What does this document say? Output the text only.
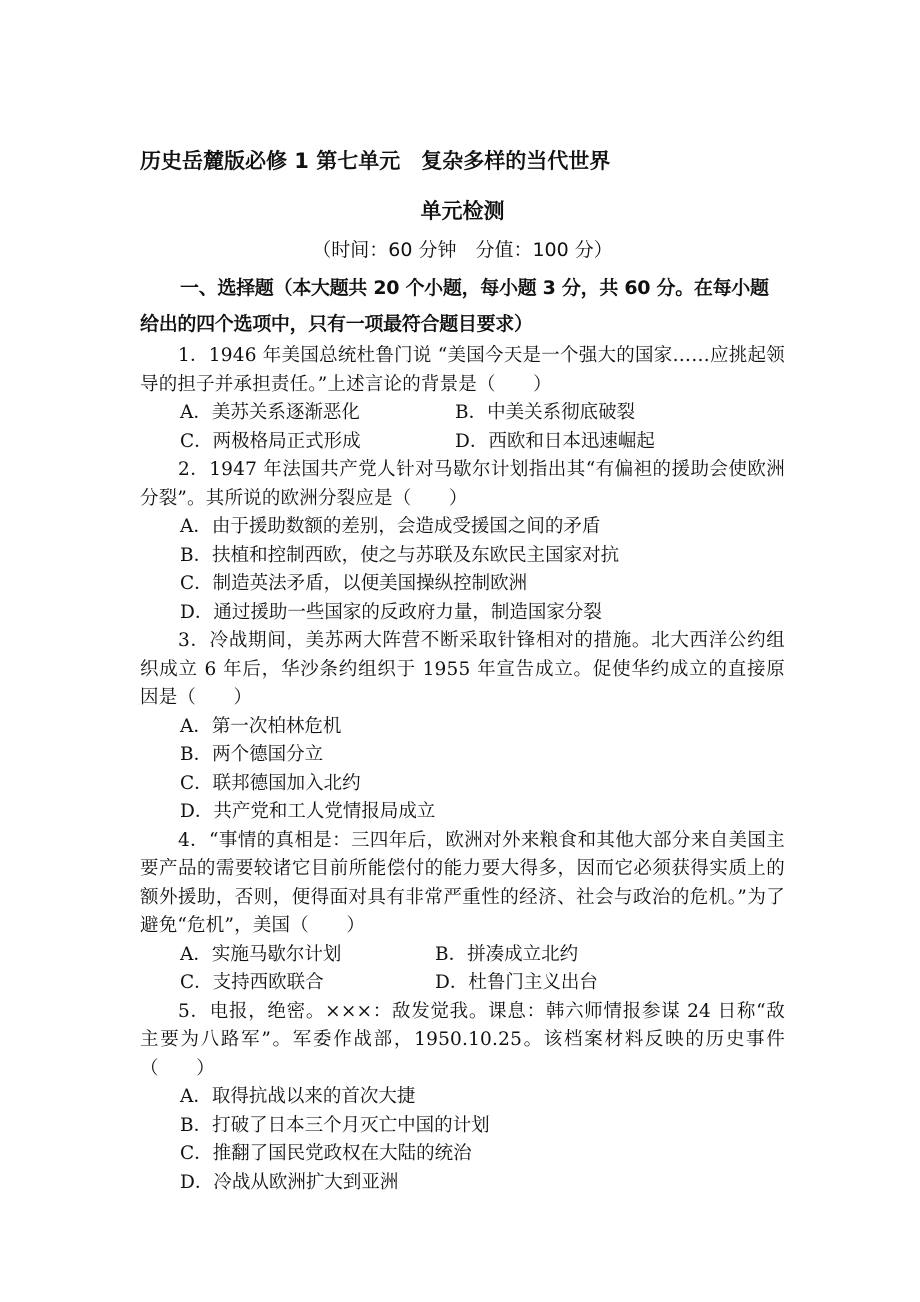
历史岳麓版必修 1 第七单元　复杂多样的当代世界
单元检测
（时间：60 分钟　分值：100 分）
一、选择题（本大题共 20 个小题，每小题 3 分，共 60 分。在每小题给出的四个选项中，只有一项最符合题目要求）
1．1946 年美国总统杜鲁门说 “美国今天是一个强大的国家……应挑起领导的担子并承担责任。”上述言论的背景是（　　）
A．美苏关系逐渐恶化	B．中美关系彻底破裂
C．两极格局正式形成	D．西欧和日本迅速崛起
2．1947 年法国共产党人针对马歇尔计划指出其“有偏袒的援助会使欧洲分裂”。其所说的欧洲分裂应是（　　）
A．由于援助数额的差别，会造成受援国之间的矛盾
B．扶植和控制西欧，使之与苏联及东欧民主国家对抗
C．制造英法矛盾，以便美国操纵控制欧洲
D．通过援助一些国家的反政府力量，制造国家分裂
3．冷战期间，美苏两大阵营不断采取针锋相对的措施。北大西洋公约组织成立 6 年后，华沙条约组织于 1955 年宣告成立。促使华约成立的直接原因是（　　）
A．第一次柏林危机
B．两个德国分立
C．联邦德国加入北约
D．共产党和工人党情报局成立
4．“事情的真相是：三四年后，欧洲对外来粮食和其他大部分来自美国主要产品的需要较诸它目前所能偿付的能力要大得多，因而它必须获得实质上的额外援助，否则，便得面对具有非常严重性的经济、社会与政治的危机。”为了避免“危机”，美国（　　）
A．实施马歇尔计划	B．拼凑成立北约
C．支持西欧联合	D．杜鲁门主义出台
5．电报，绝密。×××：敌发觉我。课息：韩六师情报参谋 24 日称“敌主要为八路军”。军委作战部，1950.10.25。该档案材料反映的历史事件（　　）
A．取得抗战以来的首次大捷
B．打破了日本三个月灭亡中国的计划
C．推翻了国民党政权在大陆的统治
D．冷战从欧洲扩大到亚洲
